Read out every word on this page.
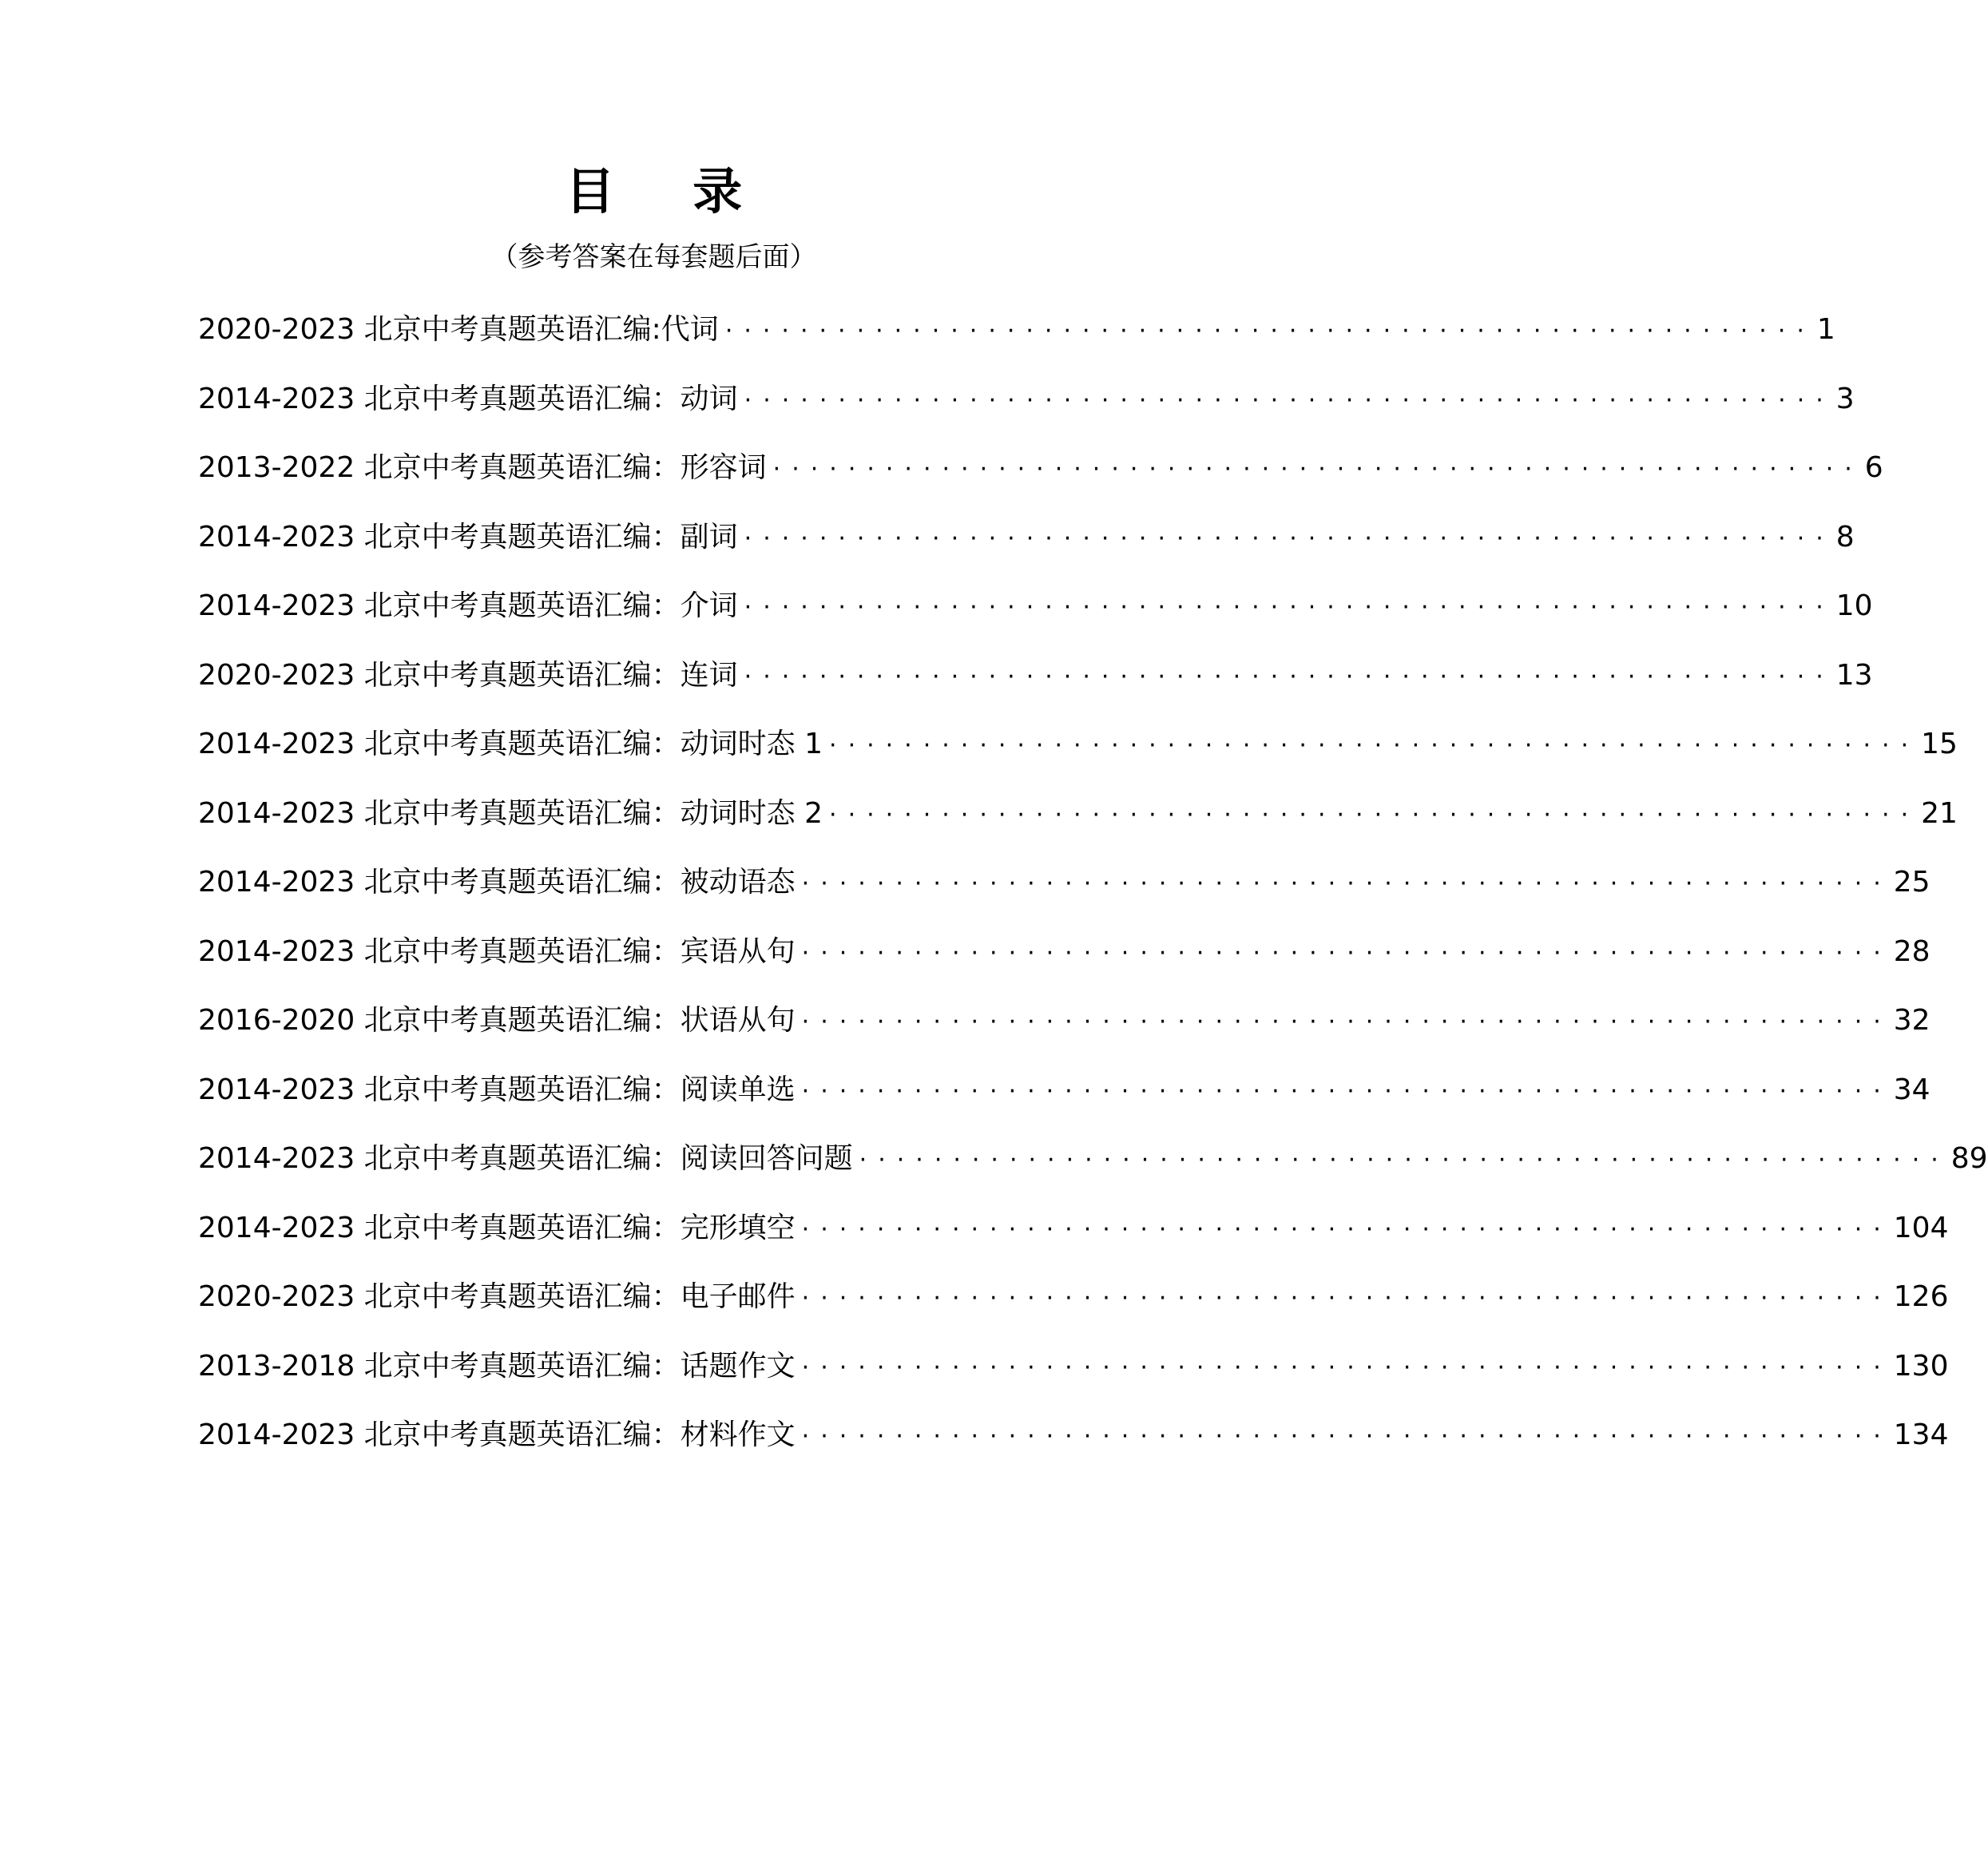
目 录
（参考答案在每套题后面）
2020-2023 北京中考真题英语汇编:代词 ·························································· 1
2014-2023 北京中考真题英语汇编：动词 ·························································· 3
2013-2022 北京中考真题英语汇编：形容词 ·························································· 6
2014-2023 北京中考真题英语汇编：副词 ·························································· 8
2014-2023 北京中考真题英语汇编：介词 ·························································· 10
2020-2023 北京中考真题英语汇编：连词 ·························································· 13
2014-2023 北京中考真题英语汇编：动词时态 1 ·························································· 15
2014-2023 北京中考真题英语汇编：动词时态 2 ·························································· 21
2014-2023 北京中考真题英语汇编：被动语态 ·························································· 25
2014-2023 北京中考真题英语汇编：宾语从句 ·························································· 28
2016-2020 北京中考真题英语汇编：状语从句 ·························································· 32
2014-2023 北京中考真题英语汇编：阅读单选 ·························································· 34
2014-2023 北京中考真题英语汇编：阅读回答问题 ·························································· 89
2014-2023 北京中考真题英语汇编：完形填空 ·························································· 104
2020-2023 北京中考真题英语汇编：电子邮件 ·························································· 126
2013-2018 北京中考真题英语汇编：话题作文 ·························································· 130
2014-2023 北京中考真题英语汇编：材料作文 ·························································· 134
